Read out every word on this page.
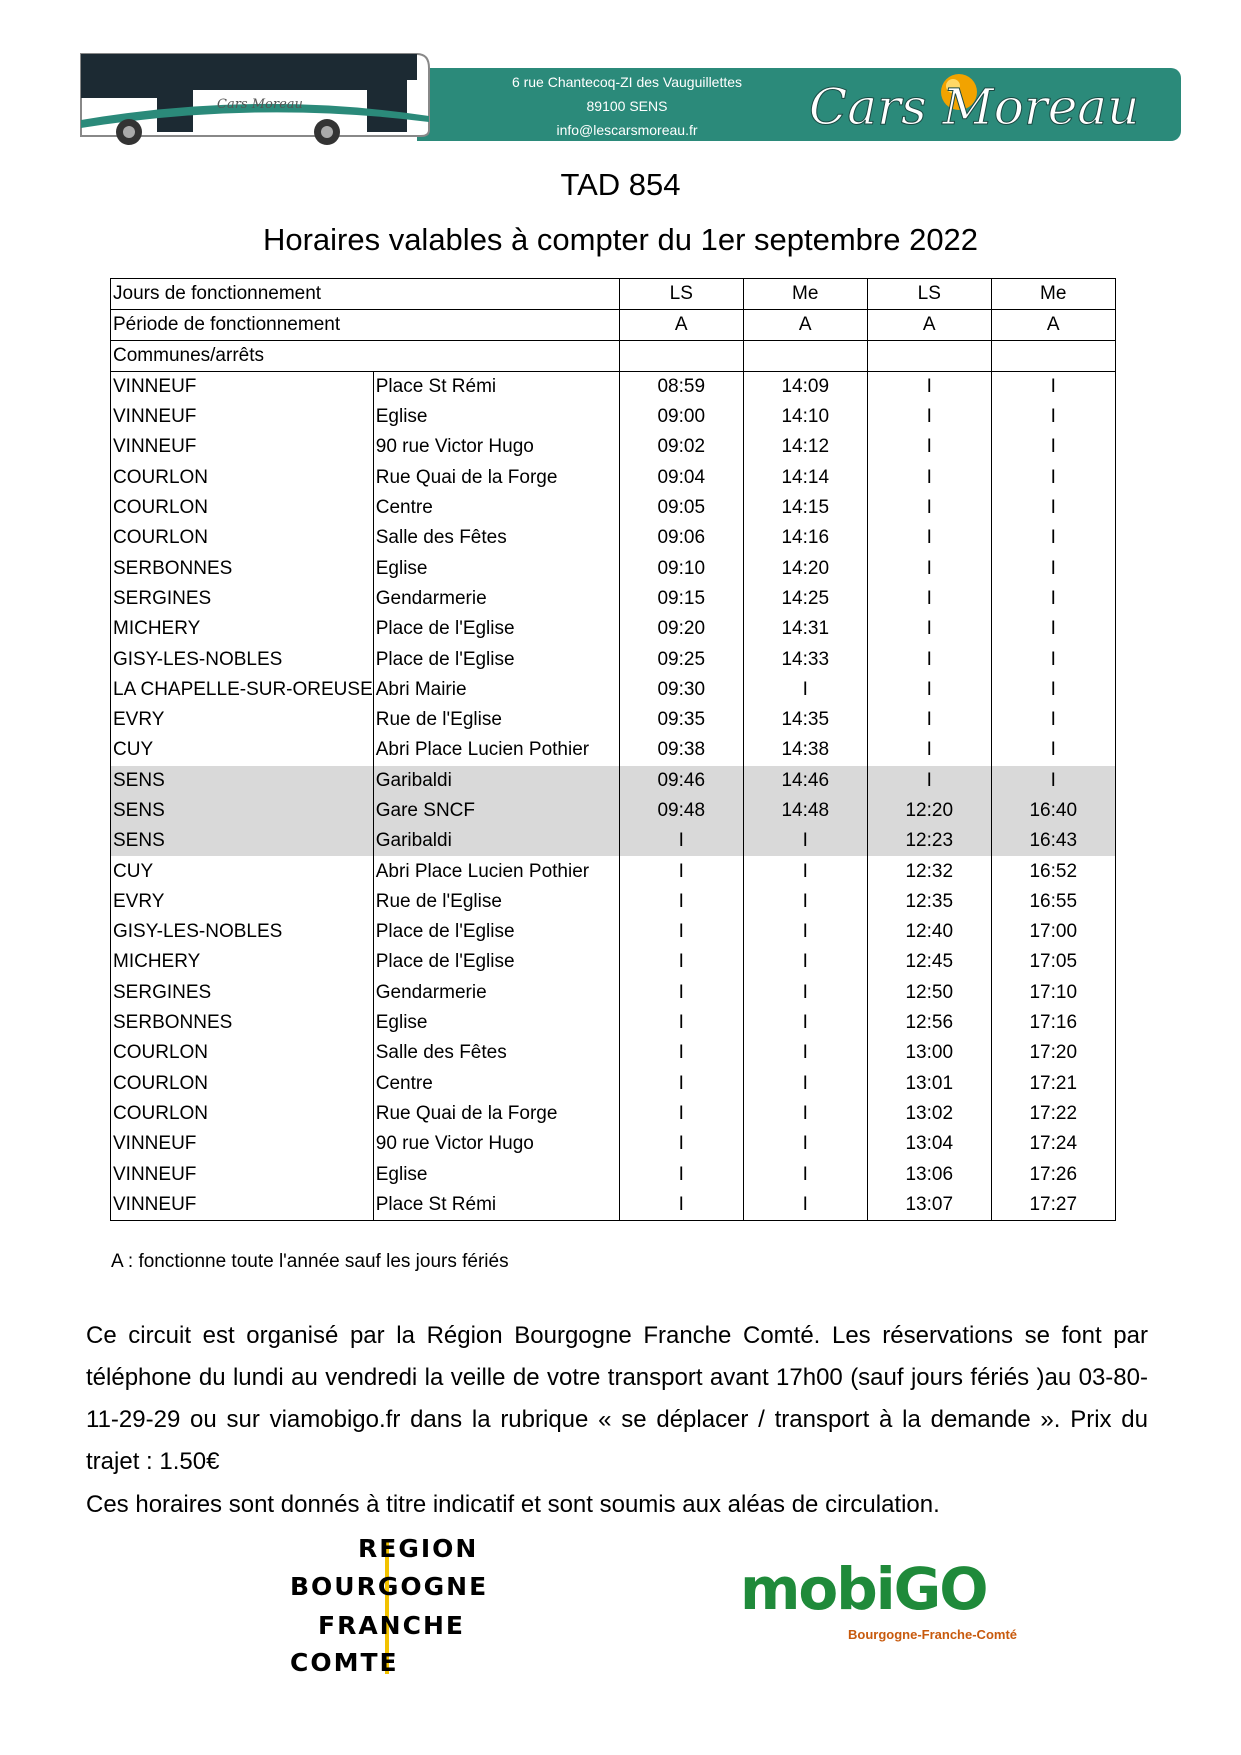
Cars Moreau
6 rue Chantecoq-ZI des Vauguillettes
89100 SENS
info@lescarsmoreau.fr	Cars Moreau
TAD 854
Horaires valables à compter du 1er septembre 2022
Jours de fonctionnement		LS	Me	LS	Me
Période de fonctionnement		A	A	A	A
Communes/arrêts					
VINNEUF	Place St Rémi	08:59	14:09	I	I
VINNEUF	Eglise	09:00	14:10	I	I
VINNEUF	90 rue Victor Hugo	09:02	14:12	I	I
COURLON	Rue Quai de la Forge	09:04	14:14	I	I
COURLON	Centre	09:05	14:15	I	I
COURLON	Salle des Fêtes	09:06	14:16	I	I
SERBONNES	Eglise	09:10	14:20	I	I
SERGINES	Gendarmerie	09:15	14:25	I	I
MICHERY	Place de l'Eglise	09:20	14:31	I	I
GISY-LES-NOBLES	Place de l'Eglise	09:25	14:33	I	I
LA CHAPELLE-SUR-OREUSE	Abri Mairie	09:30	I	I	I
EVRY	Rue de l'Eglise	09:35	14:35	I	I
CUY	Abri Place Lucien Pothier	09:38	14:38	I	I
SENS	Garibaldi	09:46	14:46	I	I
SENS	Gare SNCF	09:48	14:48	12:20	16:40
SENS	Garibaldi	I	I	12:23	16:43
CUY	Abri Place Lucien Pothier	I	I	12:32	16:52
EVRY	Rue de l'Eglise	I	I	12:35	16:55
GISY-LES-NOBLES	Place de l'Eglise	I	I	12:40	17:00
MICHERY	Place de l'Eglise	I	I	12:45	17:05
SERGINES	Gendarmerie	I	I	12:50	17:10
SERBONNES	Eglise	I	I	12:56	17:16
COURLON	Salle des Fêtes	I	I	13:00	17:20
COURLON	Centre	I	I	13:01	17:21
COURLON	Rue Quai de la Forge	I	I	13:02	17:22
VINNEUF	90 rue Victor Hugo	I	I	13:04	17:24
VINNEUF	Eglise	I	I	13:06	17:26
VINNEUF	Place St Rémi	I	I	13:07	17:27
A : fonctionne toute l'année sauf les jours fériés
Ce circuit est organisé par la Région Bourgogne Franche Comté. Les réservations se font par téléphone du lundi au vendredi la veille de votre transport avant 17h00 (sauf jours fériés )au 03-80-11-29-29 ou sur viamobigo.fr dans la rubrique « se déplacer / transport à la demande ». Prix du trajet : 1.50€
Ces horaires sont donnés à titre indicatif et sont soumis aux aléas de circulation.
REGION
BOURGOGNE
FRANCHE
COMTE
mobiGO
Bourgogne-Franche-Comté
